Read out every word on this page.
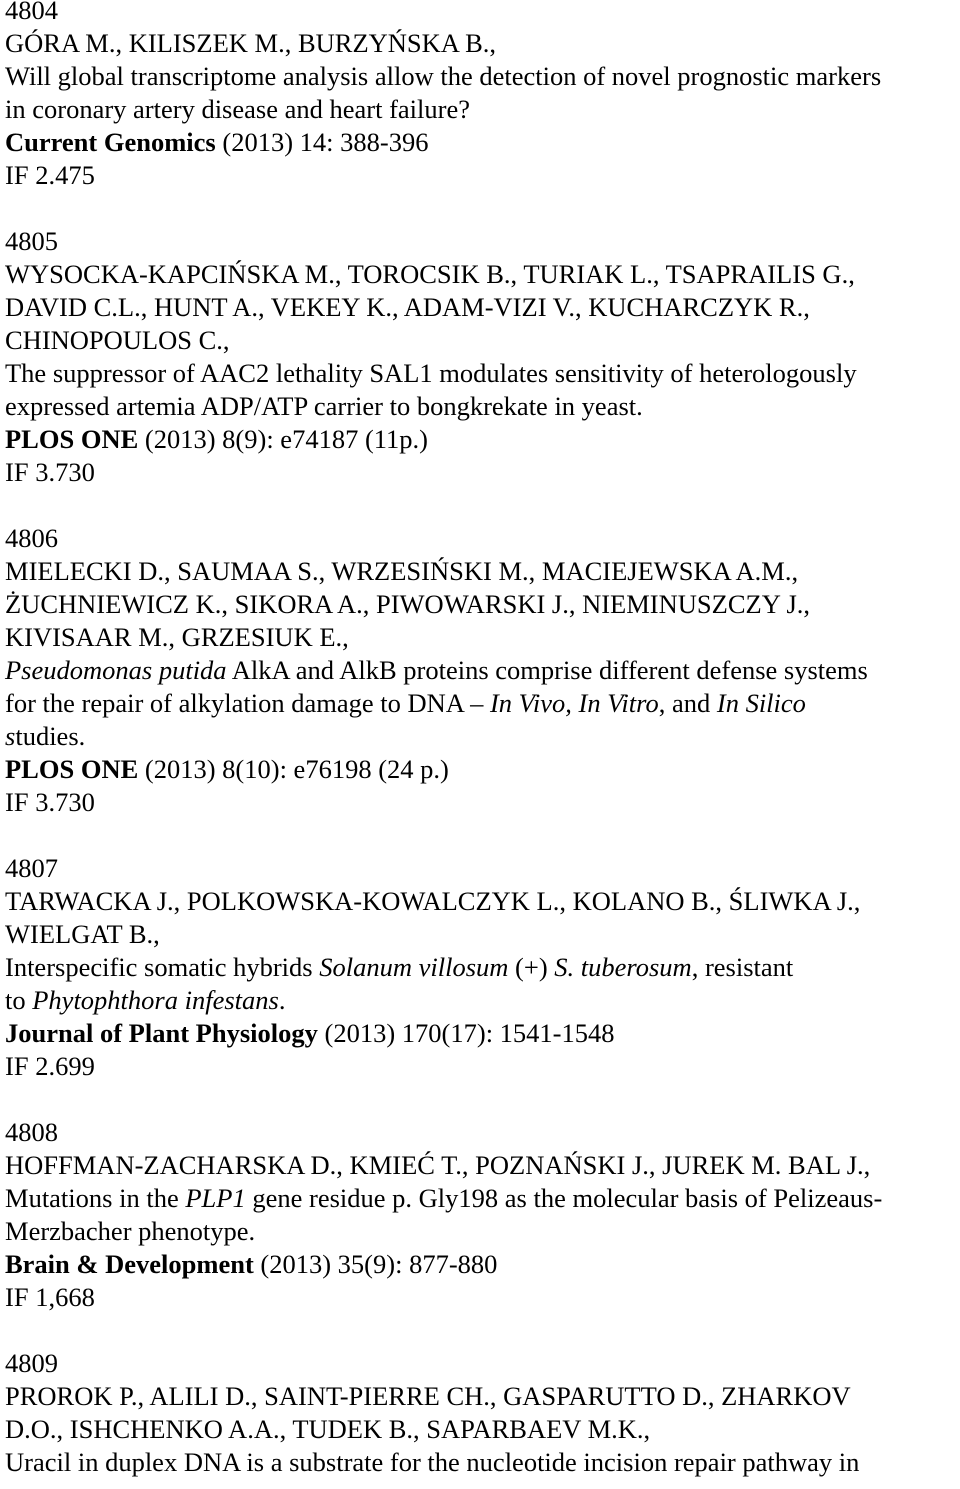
4804
GÓRA M., KILISZEK M., BURZYŃSKA B.,
Will global transcriptome analysis allow the detection of novel prognostic markers
in coronary artery disease and heart failure?
Current Genomics (2013) 14: 388-396
IF 2.475
4805
WYSOCKA-KAPCIŃSKA M., TOROCSIK B., TURIAK L., TSAPRAILIS G.,
DAVID C.L., HUNT A., VEKEY K., ADAM-VIZI V., KUCHARCZYK R.,
CHINOPOULOS C.,
The suppressor of AAC2 lethality SAL1 modulates sensitivity of heterologously
expressed artemia ADP/ATP carrier to bongkrekate in yeast.
PLOS ONE (2013) 8(9): e74187 (11p.)
IF 3.730
4806
MIELECKI D., SAUMAA S., WRZESIŃSKI M., MACIEJEWSKA A.M.,
ŻUCHNIEWICZ K., SIKORA A., PIWOWARSKI J., NIEMINUSZCZY J.,
KIVISAAR M., GRZESIUK E.,
Pseudomonas putida AlkA and AlkB proteins comprise different defense systems
for the repair of alkylation damage to DNA – In Vivo, In Vitro, and In Silico
studies.
PLOS ONE (2013) 8(10): e76198 (24 p.)
IF 3.730
4807
TARWACKA J., POLKOWSKA-KOWALCZYK L., KOLANO B., ŚLIWKA J.,
WIELGAT B.,
Interspecific somatic hybrids Solanum villosum (+) S. tuberosum, resistant
to Phytophthora infestans.
Journal of Plant Physiology (2013) 170(17): 1541-1548
IF 2.699
4808
HOFFMAN-ZACHARSKA D., KMIEĆ T., POZNAŃSKI J., JUREK M. BAL J.,
Mutations in the PLP1 gene residue p. Gly198 as the molecular basis of Pelizeaus-
Merzbacher phenotype.
Brain & Development (2013) 35(9): 877-880
IF 1,668
4809
PROROK P., ALILI D., SAINT-PIERRE CH., GASPARUTTO D., ZHARKOV
D.O., ISHCHENKO A.A., TUDEK B., SAPARBAEV M.K.,
Uracil in duplex DNA is a substrate for the nucleotide incision repair pathway in
